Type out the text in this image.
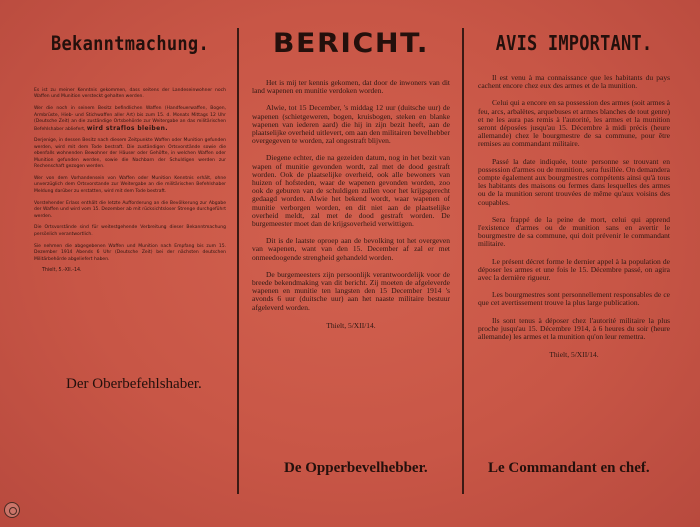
Bekanntmachung.

Es ist zu meiner Kenntnis gekommen, dass seitens der Landeseinwohner noch Waffen und Munition versteckt gehalten werden.

Wer die noch in seinem Besitz befindlichen Waffen (Handfeuerwaffen, Bogen, Armbrüste, Hieb- und Stichwaffen aller Art) bis zum 15. d. Monats Mittags 12 Uhr (Deutsche Zeit) an die zuständige Ortsbehörde zur Weitergabe an das militärischen Befehlshaber abliefert, wird straflos bleiben.

Derjenige, in dessen Besitz nach diesem Zeitpunkte Waffen oder Munition gefunden werden, wird mit dem Tode bestraft. Die zuständigen Ortsvorstände sowie die ebenfalls wohnenden Bewohner der Häuser oder Gehöfte, in welchen Waffen oder Munition gefunden werden, sowie die Nachbarn der Schuldigen werden zur Rechenschaft gezogen werden.

Wer von dem Vorhandensein von Waffen oder Munition Kenntnis erhält, ohne unverzüglich dem Ortsvorstande zur Weitergabe an die militärischen Befehlshaber Meldung darüber zu erstatten, wird mit dem Tode bestraft.

Vorstehender Erlass enthält die letzte Aufforderung an die Bevölkerung zur Abgabe der Waffen und wird vom 15. Dezember ab mit rücksichtsloser Strenge durchgeführt werden.

Die Ortsvorstände sind für weitestgehende Verbreitung dieser Bekanntmachung persönlich verantwortlich.

Sie nehmen die abgegebenen Waffen und Munition nach Empfang bis zum 15. Dezember 1914 Abends 6 Uhr (Deutsche Zeit) bei der nächsten deutschen Militärbehörde abgeliefert haben.

Thielt, 5.-XII.-14.
BERICHT.

Het is mij ter kennis gekomen, dat door de inwoners van dit land wapenen en munitie verdoken worden.

Alwie, tot 15 December, 's middag 12 uur (duitsche uur) de wapenen (schietgeweren, bogen, kruisbogen, steken en blanke wapenen van iederen aard) die hij in zijn bezit heeft, aan de plaatselijke overheid uitlevert, om aan den militairen bevelhebber overgegeven te worden, zal ongestraft blijven.

Diegene echter, die na gezeiden datum, nog in het bezit van wapen of munitie gevonden wordt, zal met de dood gestraft worden. Ook de plaatselijke overheid, ook alle bewoners van huizen of hofsteden, waar de wapenen gevonden worden, zoo ook de geburen van de schuldigen zullen voor het krijgsgerecht gedaagd worden. Alwie het bekend wordt, waar wapenen of munitie verborgen worden, en dit niet aan de plaatselijke overheid meldt, zal met de dood gestraft worden. De burgemeester moet dan de krijgsoverheid verwittigen.

Dit is de laatste oproep aan de bevolking tot het overgeven van wapenen, want van den 15. December af zal er met onmeedoogende strengheid gehandeld worden.

De burgemeesters zijn persoonlijk verantwoordelijk voor de breede bekendmaking van dit bericht. Zij moeten de afgeleverde wapenen en munitie ten langsten den 15 December 1914 's avonds 6 uur (duitsche uur) aan het naaste militaire bestuur afgeleverd worden.

Thielt, 5/XII/14.
AVIS IMPORTANT.

Il est venu à ma connaissance que les habitants du pays cachent encore chez eux des armes et de la munition.

Celui qui a encore en sa possession des armes (soit armes à feu, arcs, arbalètes, arquebuses et armes blanches de tout genre) et ne les aura pas remis à l'autorité, les armes et la munition seront déposées jusqu'au 15. Décembre à midi précis (heure allemande) chez le bourgmestre de sa commune, pour être remises au commandant militaire.

Passé la date indiquée, toute personne se trouvant en possession d'armes ou de munition, sera fusillée. On demandera compte également aux bourgmestres compétents ainsi qu'à tous les habitants des maisons ou fermes dans lesquelles des armes ou de la munition seront trouvées de même qu'aux voisins des coupables.

Sera frappé de la peine de mort, celui qui apprend l'existence d'armes ou de munition sans en avertir le bourgmestre de sa commune, qui doit prévenir le commandant militaire.

Le présent décret forme le dernier appel à la population de déposer les armes et une fois le 15. Décembre passé, on agira avec la dernière rigueur.

Les bourgmestres sont personnellement responsables de ce que cet avertissement trouve la plus large publication.

Ils sont tenus à déposer chez l'autorité militaire la plus proche jusqu'au 15. Décembre 1914, à 6 heures du soir (heure allemande) les armes et la munition qu'on leur remettra.

Thielt, 5/XII/14.
Der Oberbefehlshaber.
De Opperbevelhebber.	Le Commandant en chef.
